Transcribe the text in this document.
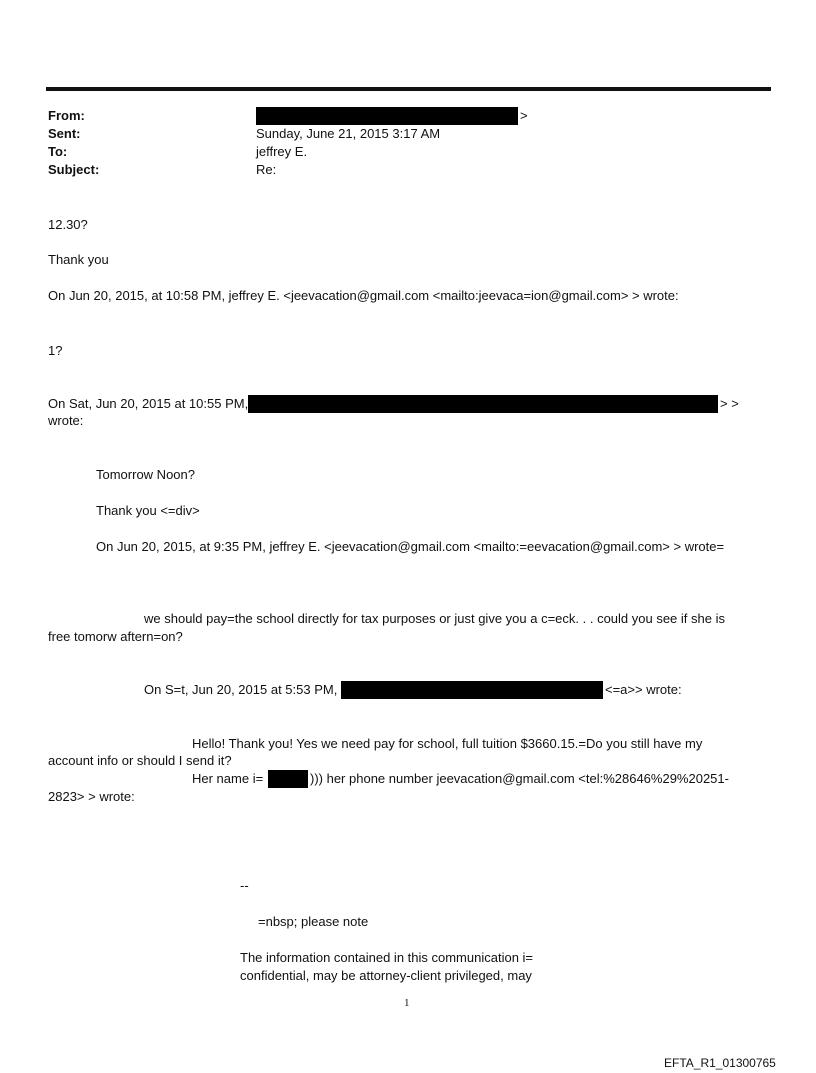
From:	>
Sent:	Sunday, June 21, 2015 3:17 AM
To:	jeffrey E.
Subject:	Re:
12.30?
Thank you
On Jun 20, 2015, at 10:58 PM, jeffrey E. <jeevacation@gmail.com <mailto:jeevaca=ion@gmail.com> > wrote:
1?
On Sat, Jun 20, 2015 at 10:55 PM,	> >
wrote:
Tomorrow Noon?
Thank you <=div>
On Jun 20, 2015, at 9:35 PM, jeffrey E. <jeevacation@gmail.com <mailto:=eevacation@gmail.com> > wrote=
we should pay=the school directly for tax purposes or just give you a c=eck. . . could you see if she is
free tomorw aftern=on?
On S=t, Jun 20, 2015 at 5:53 PM,	<=a>> wrote:
Hello! Thank you! Yes we need pay for school, full tuition $3660.15.=Do you still have my
account info or should I send it?
Her name i=	))) her phone number jeevacation@gmail.com <tel:%28646%29%20251-
2823> > wrote:
--
=nbsp; please note
The information contained in this communication i=
confidential, may be attorney-client privileged, may
1
EFTA_R1_01300765
